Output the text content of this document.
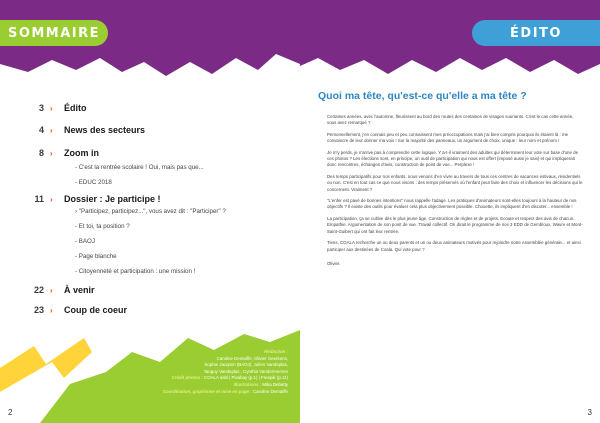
SOMMAIRE
3 ›	Édito
4 ›	News des secteurs
8 ›	Zoom in
- C'est la rentrée scolaire ! Oui, mais pas que...
- EDUC 2018
11 ›	Dossier : Je participe !
› "Participez, participez...", vous avez dit : "Participer" ?
- Et toi, ta position ?
- BAOJ
- Page blanche
- Citoyenneté et participation : une mission !
22 ›	À venir
23 ›	Coup de coeur
Rédaction :
Caroline Demaiffe, Olivier Geerkens,
Sophie Jacqmin (BAOJ), Julien Vandeplas,
Tanguy Vandeplas , Cynthia Vandermeeren
Crédit photos : COALA asbl | Pixabay (p.1) | Freepik (p.11)
Illustrations : Mika Debatty
Coordination, graphisme et mise en page : Caroline Demaiffe
2
ÉDITO
Quoi ma tête, qu'est-ce qu'elle a ma tête ?

Certaines années, avec l'automne, fleurissent au bord des routes des centaines de visages souriants. C'est le cas cette année, vous avez remarqué ?

Personnellement, j'en connais peu et peu connaissent mes préoccupations mais j'ai bien compris pourquoi ils étaient là : me convaincre de leur donner ma voix ! Sur la majorité des panneaux, un argument de choix, unique : leur nom et prénom !

Je m'y perds, je n'arrive pas à comprendre cette logique. Y a-t-il vraiment des adultes qui déterminent leur vote sur base d'une de ces photos ? Les élections sont, en principe, un outil de participation qui nous est offert (imposé aussi je sais) et qui impliquerait donc rencontres, échanges d'avis, construction de point de vue... Perplexe !

Des temps participatifs pour nos enfants, nous venons d'en vivre au travers de tous ces centres de vacances estivaux, résidentiels ou non. C'est en tout cas ce que nous visons : des temps préservés où l'enfant peut faire des choix et influencer les décisions qui le concernent. Vraiment ?

"L'enfer est pavé de bonnes intentions" nous rappelle l'adage. Les pratiques d'animateurs sont-elles toujours à la hauteur de nos objectifs ? Il existe des outils pour évaluer cela plus objectivement possible. Chouette, ils impliquent d'en discuter... ensemble !

La participation, ça se cultive dès le plus jeune âge. Construction de règles et de projets. Ecoute et respect des avis de chacun. Empathie. Argumentation de son point de vue. Travail collectif. On dirait le programme de nos 3 EDD de Gembloux, Wavre et Mont-Saint-Guibert qui ont fait leur rentrée.

Tiens, COALA recherche un ou deux parents et un ou deux animateurs motivés pour rejoindre notre Assemblée générale... et ainsi participer aux destinées de Coala. Qui vote pour ?

Olivier.

3
